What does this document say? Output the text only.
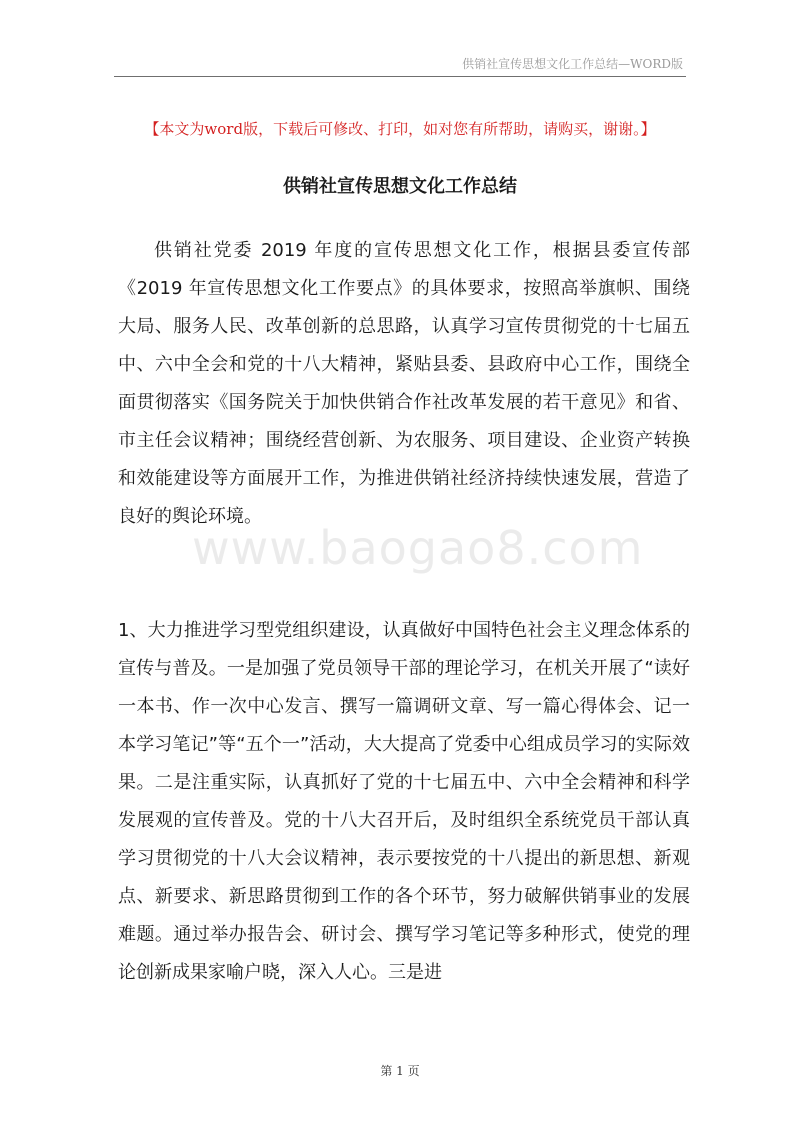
供销社宣传思想文化工作总结—WORD版
【本文为word版，下载后可修改、打印，如对您有所帮助，请购买，谢谢。】
供销社宣传思想文化工作总结
www.baogao8.com

供销社党委 2019 年度的宣传思想文化工作，根据县委宣传部《2019 年宣传思想文化工作要点》的具体要求，按照高举旗帜、围绕大局、服务人民、改革创新的总思路，认真学习宣传贯彻党的十七届五中、六中全会和党的十八大精神，紧贴县委、县政府中心工作，围绕全面贯彻落实《国务院关于加快供销合作社改革发展的若干意见》和省、市主任会议精神；围绕经营创新、为农服务、项目建设、企业资产转换和效能建设等方面展开工作，为推进供销社经济持续快速发展，营造了良好的舆论环境。

1、大力推进学习型党组织建设，认真做好中国特色社会主义理念体系的宣传与普及。一是加强了党员领导干部的理论学习，在机关开展了“读好一本书、作一次中心发言、撰写一篇调研文章、写一篇心得体会、记一本学习笔记”等“五个一”活动，大大提高了党委中心组成员学习的实际效果。二是注重实际，认真抓好了党的十七届五中、六中全会精神和科学发展观的宣传普及。党的十八大召开后，及时组织全系统党员干部认真学习贯彻党的十八大会议精神，表示要按党的十八提出的新思想、新观点、新要求、新思路贯彻到工作的各个环节，努力破解供销事业的发展难题。通过举办报告会、研讨会、撰写学习笔记等多种形式，使党的理论创新成果家喻户晓，深入人心。三是进

第 1 页
